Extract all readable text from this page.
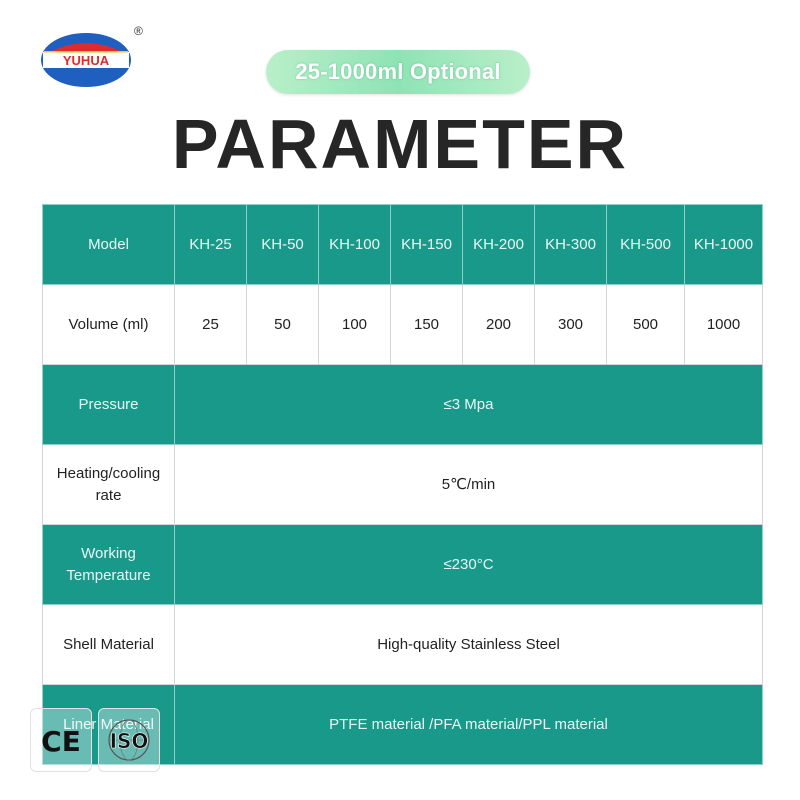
YUHUA
®
25-1000ml Optional
PARAMETER
Model	KH-25	KH-50	KH-100	KH-150	KH-200	KH-300	KH-500	KH-1000
Volume (ml)	25	50	100	150	200	300	500	1000
Pressure	≤3 Mpa							
Heating/cooling rate	5℃/min							
Working Temperature	≤230°C							
Shell Material	High-quality Stainless Steel							
Liner Material	PTFE material /PFA material/PPL material							
CE ISO
